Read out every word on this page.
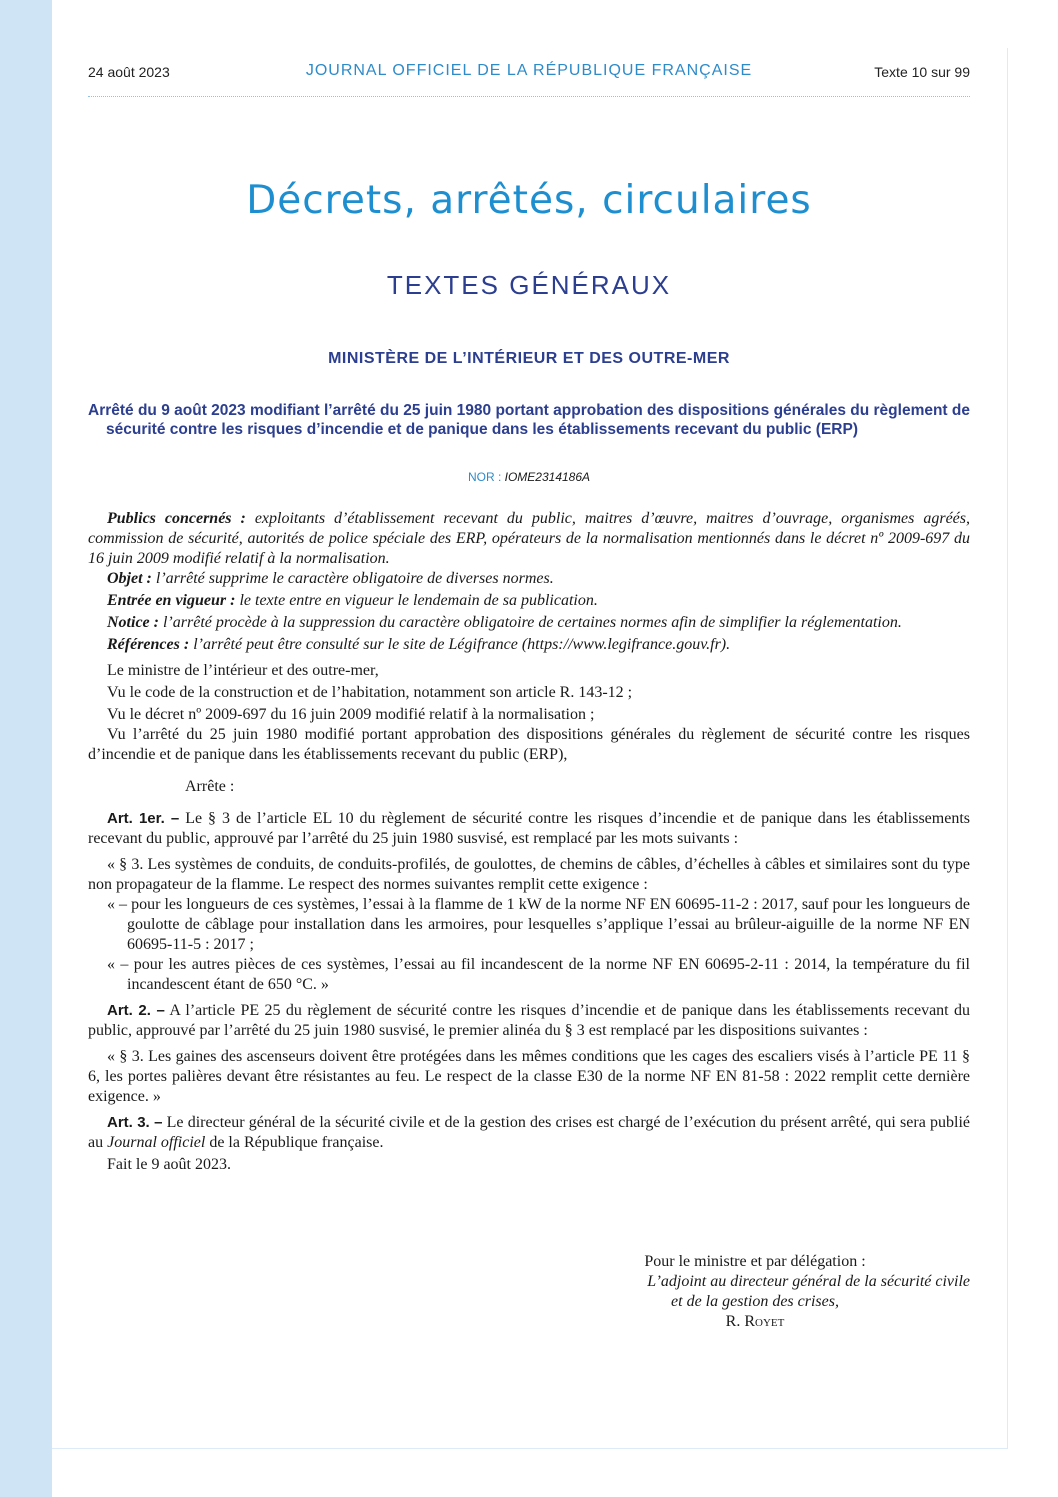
24 août 2023	JOURNAL OFFICIEL DE LA RÉPUBLIQUE FRANÇAISE	Texte 10 sur 99
Décrets, arrêtés, circulaires
TEXTES GÉNÉRAUX
MINISTÈRE DE L’INTÉRIEUR ET DES OUTRE-MER
Arrêté du 9 août 2023 modifiant l’arrêté du 25 juin 1980 portant approbation des dispositions générales du règlement de sécurité contre les risques d’incendie et de panique dans les établissements recevant du public (ERP)
NOR : IOME2314186A

Publics concernés : exploitants d’établissement recevant du public, maitres d’œuvre, maitres d’ouvrage, organismes agréés, commission de sécurité, autorités de police spéciale des ERP, opérateurs de la normalisation mentionnés dans le décret nº 2009-697 du 16 juin 2009 modifié relatif à la normalisation.

Objet : l’arrêté supprime le caractère obligatoire de diverses normes.

Entrée en vigueur : le texte entre en vigueur le lendemain de sa publication.

Notice : l’arrêté procède à la suppression du caractère obligatoire de certaines normes afin de simplifier la réglementation.

Références : l’arrêté peut être consulté sur le site de Légifrance (https://www.legifrance.gouv.fr).

Le ministre de l’intérieur et des outre-mer,

Vu le code de la construction et de l’habitation, notamment son article R. 143-12 ;

Vu le décret nº 2009-697 du 16 juin 2009 modifié relatif à la normalisation ;

Vu l’arrêté du 25 juin 1980 modifié portant approbation des dispositions générales du règlement de sécurité contre les risques d’incendie et de panique dans les établissements recevant du public (ERP),

Arrête :

Art. 1er. – Le § 3 de l’article EL 10 du règlement de sécurité contre les risques d’incendie et de panique dans les établissements recevant du public, approuvé par l’arrêté du 25 juin 1980 susvisé, est remplacé par les mots suivants :

« § 3. Les systèmes de conduits, de conduits-profilés, de goulottes, de chemins de câbles, d’échelles à câbles et similaires sont du type non propagateur de la flamme. Le respect des normes suivantes remplit cette exigence :

« – pour les longueurs de ces systèmes, l’essai à la flamme de 1 kW de la norme NF EN 60695-11-2 : 2017, sauf pour les longueurs de goulotte de câblage pour installation dans les armoires, pour lesquelles s’applique l’essai au brûleur-aiguille de la norme NF EN 60695-11-5 : 2017 ;

« – pour les autres pièces de ces systèmes, l’essai au fil incandescent de la norme NF EN 60695-2-11 : 2014, la température du fil incandescent étant de 650 °C. »

Art. 2. – A l’article PE 25 du règlement de sécurité contre les risques d’incendie et de panique dans les établissements recevant du public, approuvé par l’arrêté du 25 juin 1980 susvisé, le premier alinéa du § 3 est remplacé par les dispositions suivantes :

« § 3. Les gaines des ascenseurs doivent être protégées dans les mêmes conditions que les cages des escaliers visés à l’article PE 11 § 6, les portes palières devant être résistantes au feu. Le respect de la classe E30 de la norme NF EN 81-58 : 2022 remplit cette dernière exigence. »

Art. 3. – Le directeur général de la sécurité civile et de la gestion des crises est chargé de l’exécution du présent arrêté, qui sera publié au Journal officiel de la République française.

Fait le 9 août 2023.

Pour le ministre et par délégation :
L’adjoint au directeur général de la sécurité civile
et de la gestion des crises,
R. Royet
